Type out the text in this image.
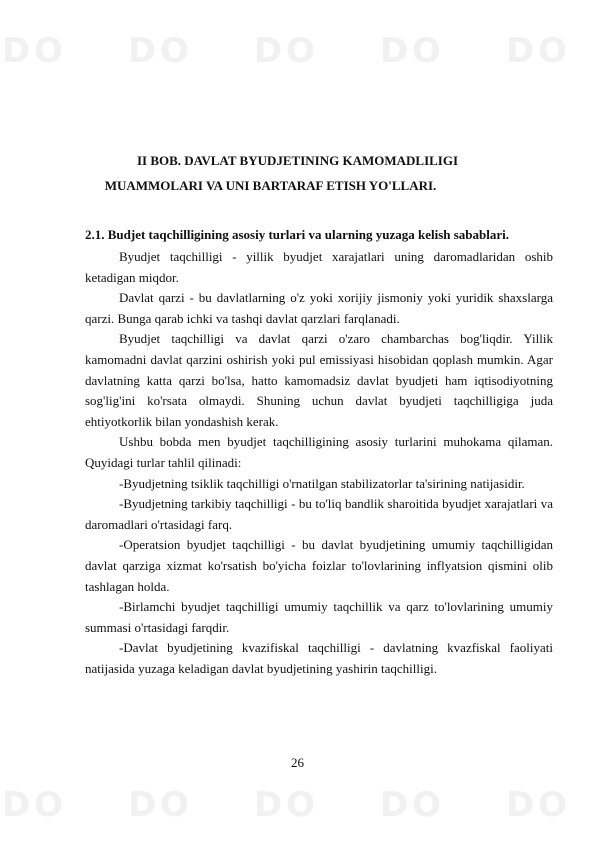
D O D O D O D O D O
D O D O D O D O D O
II BOB. DAVLAT BYUDJETINING KAMOMADLILIGI
MUAMMOLARI VA UNI BARTARAF ETISH YO'LLARI.
2.1. Budjet taqchilligining asosiy turlari va ularning yuzaga kelish sabablari.

Byudjet taqchilligi - yillik byudjet xarajatlari uning daromadlaridan oshib ketadigan miqdor.

Davlat qarzi - bu davlatlarning o'z yoki xorijiy jismoniy yoki yuridik shaxslarga qarzi. Bunga qarab ichki va tashqi davlat qarzlari farqlanadi.

Byudjet taqchilligi va davlat qarzi o'zaro chambarchas bog'liqdir. Yillik kamomadni davlat qarzini oshirish yoki pul emissiyasi hisobidan qoplash mumkin. Agar davlatning katta qarzi bo'lsa, hatto kamomadsiz davlat byudjeti ham iqtisodiyotning sog'lig'ini ko'rsata olmaydi. Shuning uchun davlat byudjeti taqchilligiga juda ehtiyotkorlik bilan yondashish kerak.

Ushbu bobda men byudjet taqchilligining asosiy turlarini muhokama qilaman. Quyidagi turlar tahlil qilinadi:

-Byudjetning tsiklik taqchilligi o'rnatilgan stabilizatorlar ta'sirining natijasidir.

-Byudjetning tarkibiy taqchilligi - bu to'liq bandlik sharoitida byudjet xarajatlari va daromadlari o'rtasidagi farq.

-Operatsion byudjet taqchilligi - bu davlat byudjetining umumiy taqchilligidan davlat qarziga xizmat ko'rsatish bo'yicha foizlar to'lovlarining inflyatsion qismini olib tashlagan holda.

-Birlamchi byudjet taqchilligi umumiy taqchillik va qarz to'lovlarining umumiy summasi o'rtasidagi farqdir.

-Davlat byudjetining kvazifiskal taqchilligi - davlatning kvazfiskal faoliyati natijasida yuzaga keladigan davlat byudjetining yashirin taqchilligi.

26
